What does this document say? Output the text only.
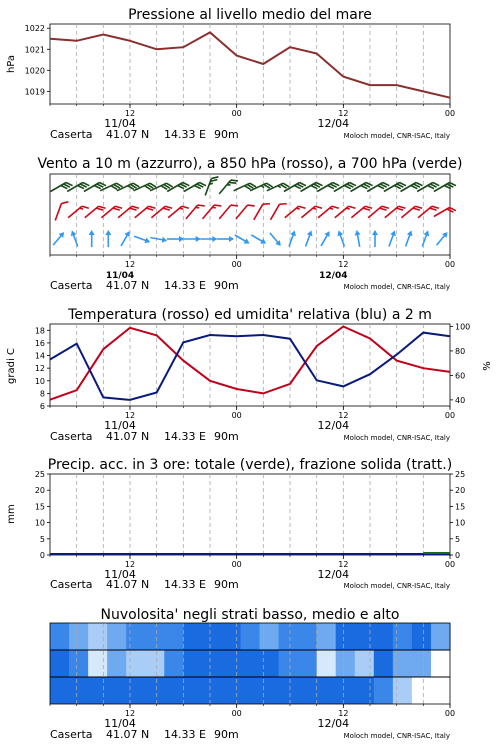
Pressione al livello medio del mare
hPa
1019
1020
1021
1022
12	00	12	00
11/04	12/04
Caserta 41.07 N 14.33 E 90m	Moloch model, CNR-ISAC, Italy
Vento a 10 m (azzurro), a 850 hPa (rosso), a 700 hPa (verde)
12	00	12	00
11/04	12/04
Caserta 41.07 N 14.33 E 90m	Moloch model, CNR-ISAC, Italy
Temperatura (rosso) ed umidita' relativa (blu) a 2 m
gradi C	%
6
8
10
12
14
16
18
40
60
80
100
12	00	12	00
11/04	12/04
Caserta 41.07 N 14.33 E 90m	Moloch model, CNR-ISAC, Italy
Precip. acc. in 3 ore: totale (verde), frazione solida (tratt.)
mm
0
5
10
15
20
25
0
5
10
15
20
25
12	00	12	00
11/04	12/04
Caserta 41.07 N 14.33 E 90m	Moloch model, CNR-ISAC, Italy
Nuvolosita' negli strati basso, medio e alto
12	00	12	00
11/04	12/04
Caserta 41.07 N 14.33 E 90m	Moloch model, CNR-ISAC, Italy
